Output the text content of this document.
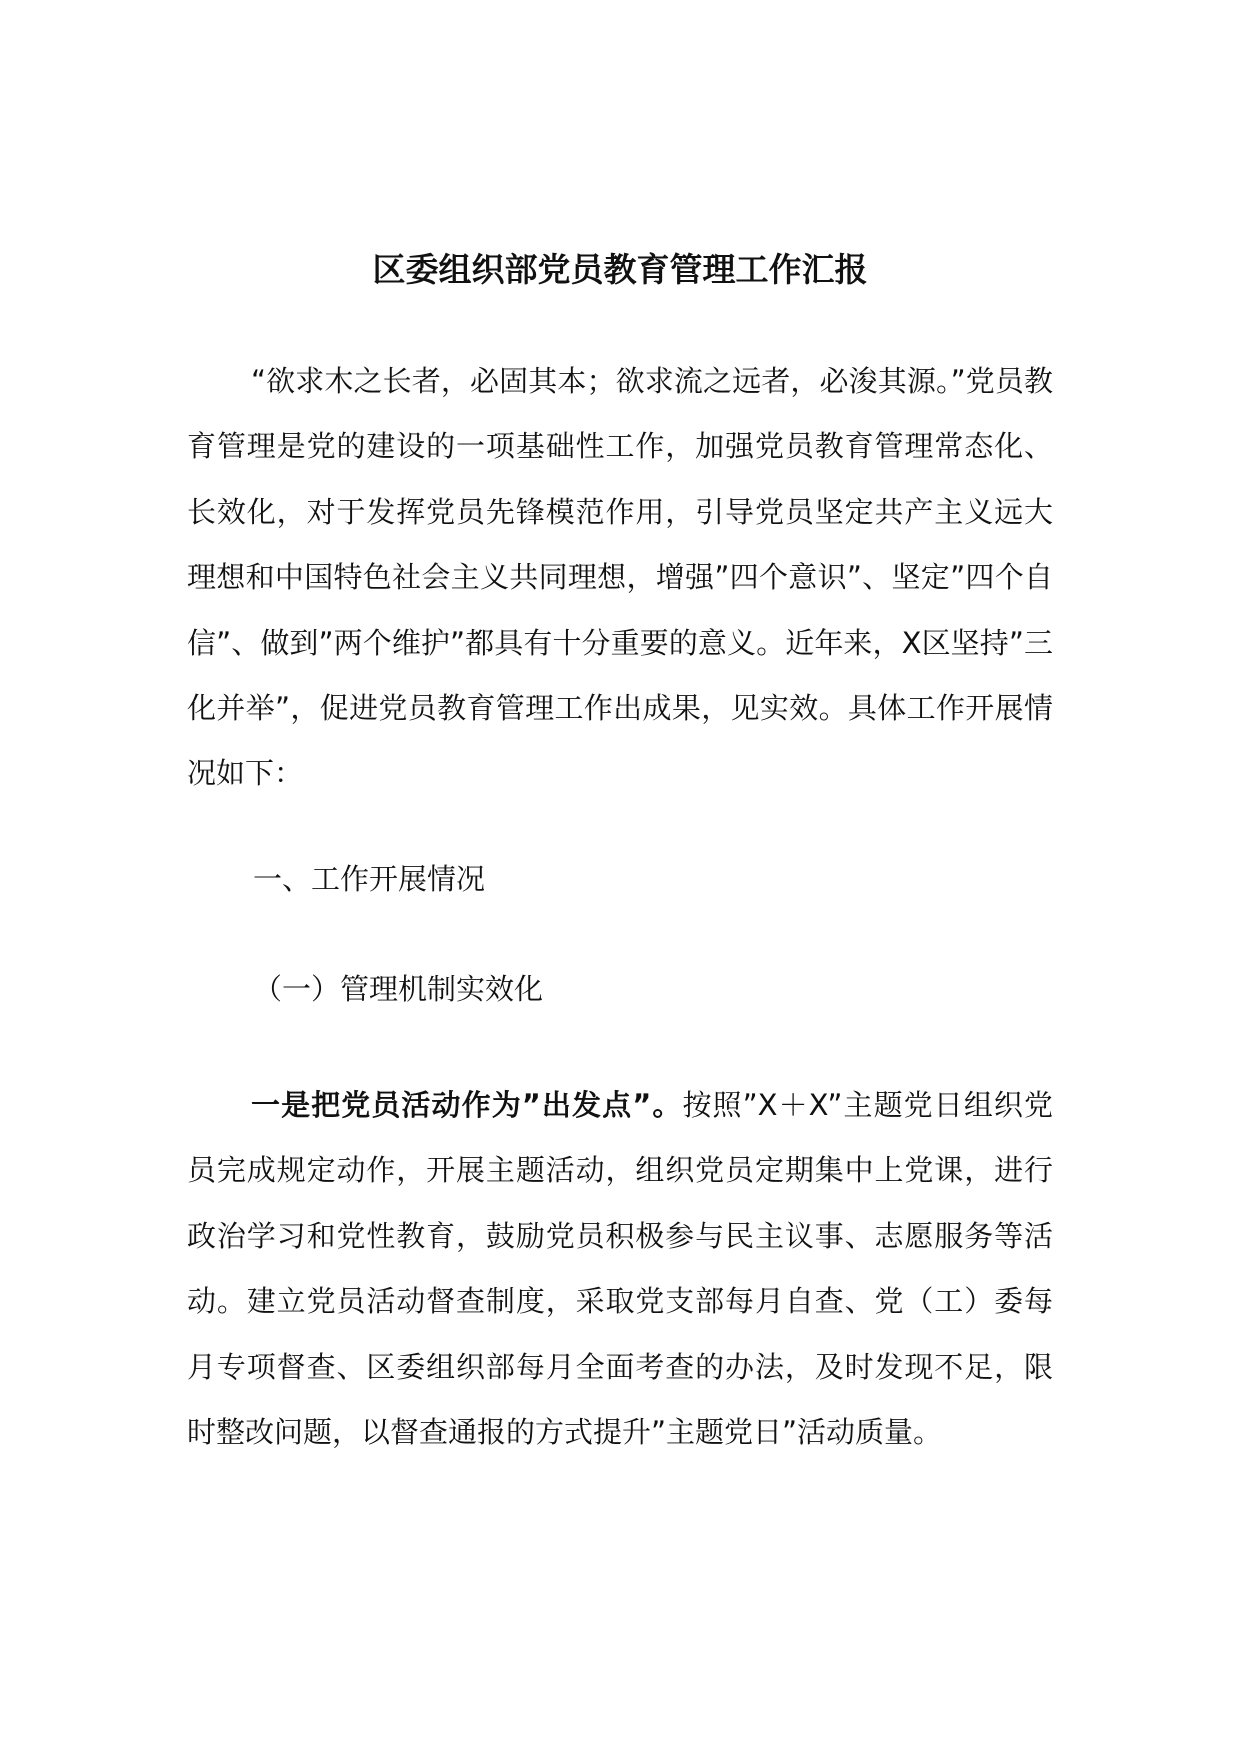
区委组织部党员教育管理工作汇报

“欲求木之长者，必固其本；欲求流之远者，必浚其源。”党员教育管理是党的建设的一项基础性工作，加强党员教育管理常态化、长效化，对于发挥党员先锋模范作用，引导党员坚定共产主义远大理想和中国特色社会主义共同理想，增强”四个意识”、坚定”四个自信”、做到”两个维护”都具有十分重要的意义。近年来，X区坚持”三化并举”，促进党员教育管理工作出成果，见实效。具体工作开展情况如下：

一、工作开展情况

（一）管理机制实效化

一是把党员活动作为”出发点”。按照”X＋X”主题党日组织党员完成规定动作，开展主题活动，组织党员定期集中上党课，进行政治学习和党性教育，鼓励党员积极参与民主议事、志愿服务等活动。建立党员活动督查制度，采取党支部每月自查、党（工）委每月专项督查、区委组织部每月全面考查的办法，及时发现不足，限时整改问题，以督查通报的方式提升”主题党日”活动质量。
